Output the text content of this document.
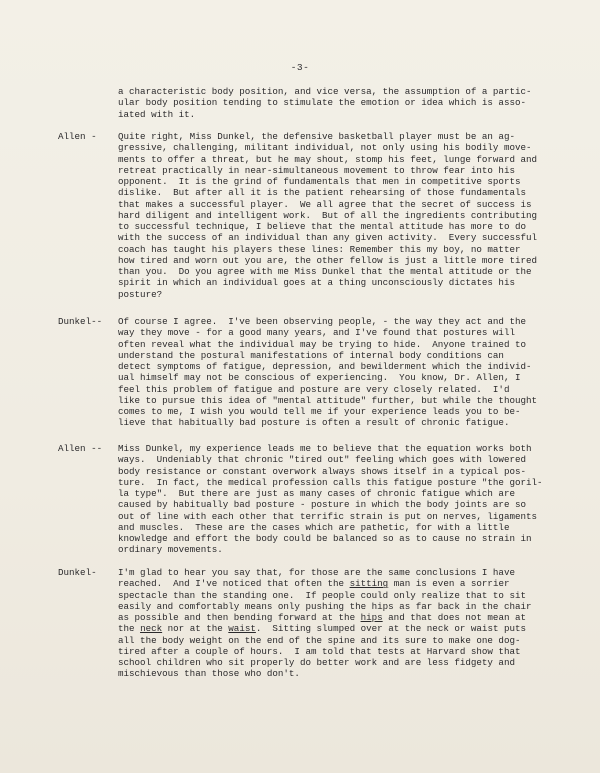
-3-
a characteristic body position, and vice versa, the assumption of a partic-
ular body position tending to stimulate the emotion or idea which is asso-
iated with it.
Allen - Quite right, Miss Dunkel, the defensive basketball player must be an ag-
gressive, challenging, militant individual, not only using his bodily move-
ments to offer a threat, but he may shout, stomp his feet, lunge forward and
retreat practically in near-simultaneous movement to throw fear into his
opponent.  It is the grind of fundamentals that men in competitive sports
dislike.  But after all it is the patient rehearsing of those fundamentals
that makes a successful player.  We all agree that the secret of success is
hard diligent and intelligent work.  But of all the ingredients contributing
to successful technique, I believe that the mental attitude has more to do
with the success of an individual than any given activity.  Every successful
coach has taught his players these lines: Remember this my boy, no matter
how tired and worn out you are, the other fellow is just a little more tired
than you.  Do you agree with me Miss Dunkel that the mental attitude or the
spirit in which an individual goes at a thing unconsciously dictates his
posture?
Dunkel-- Of course I agree.  I've been observing people, - the way they act and the
way they move - for a good many years, and I've found that postures will
often reveal what the individual may be trying to hide.  Anyone trained to
understand the postural manifestations of internal body conditions can
detect symptoms of fatigue, depression, and bewilderment which the individ-
ual himself may not be conscious of experiencing.  You know, Dr. Allen, I
feel this problem of fatigue and posture are very closely related.  I'd
like to pursue this idea of "mental attitude" further, but while the thought
comes to me, I wish you would tell me if your experience leads you to be-
lieve that habitually bad posture is often a result of chronic fatigue.
Allen -- Miss Dunkel, my experience leads me to believe that the equation works both
ways.  Undeniably that chronic "tired out" feeling which goes with lowered
body resistance or constant overwork always shows itself in a typical pos-
ture.  In fact, the medical profession calls this fatigue posture "the goril-
la type".  But there are just as many cases of chronic fatigue which are
caused by habitually bad posture - posture in which the body joints are so
out of line with each other that terrific strain is put on nerves, ligaments
and muscles.  These are the cases which are pathetic, for with a little
knowledge and effort the body could be balanced so as to cause no strain in
ordinary movements.
Dunkel- I'm glad to hear you say that, for those are the same conclusions I have
reached.  And I've noticed that often the sitting man is even a sorrier
spectacle than the standing one.  If people could only realize that to sit
easily and comfortably means only pushing the hips as far back in the chair
as possible and then bending forward at the hips and that does not mean at
the neck nor at the waist.  Sitting slumped over at the neck or waist puts
all the body weight on the end of the spine and its sure to make one dog-
tired after a couple of hours.  I am told that tests at Harvard show that
school children who sit properly do better work and are less fidgety and
mischievous than those who don't.
